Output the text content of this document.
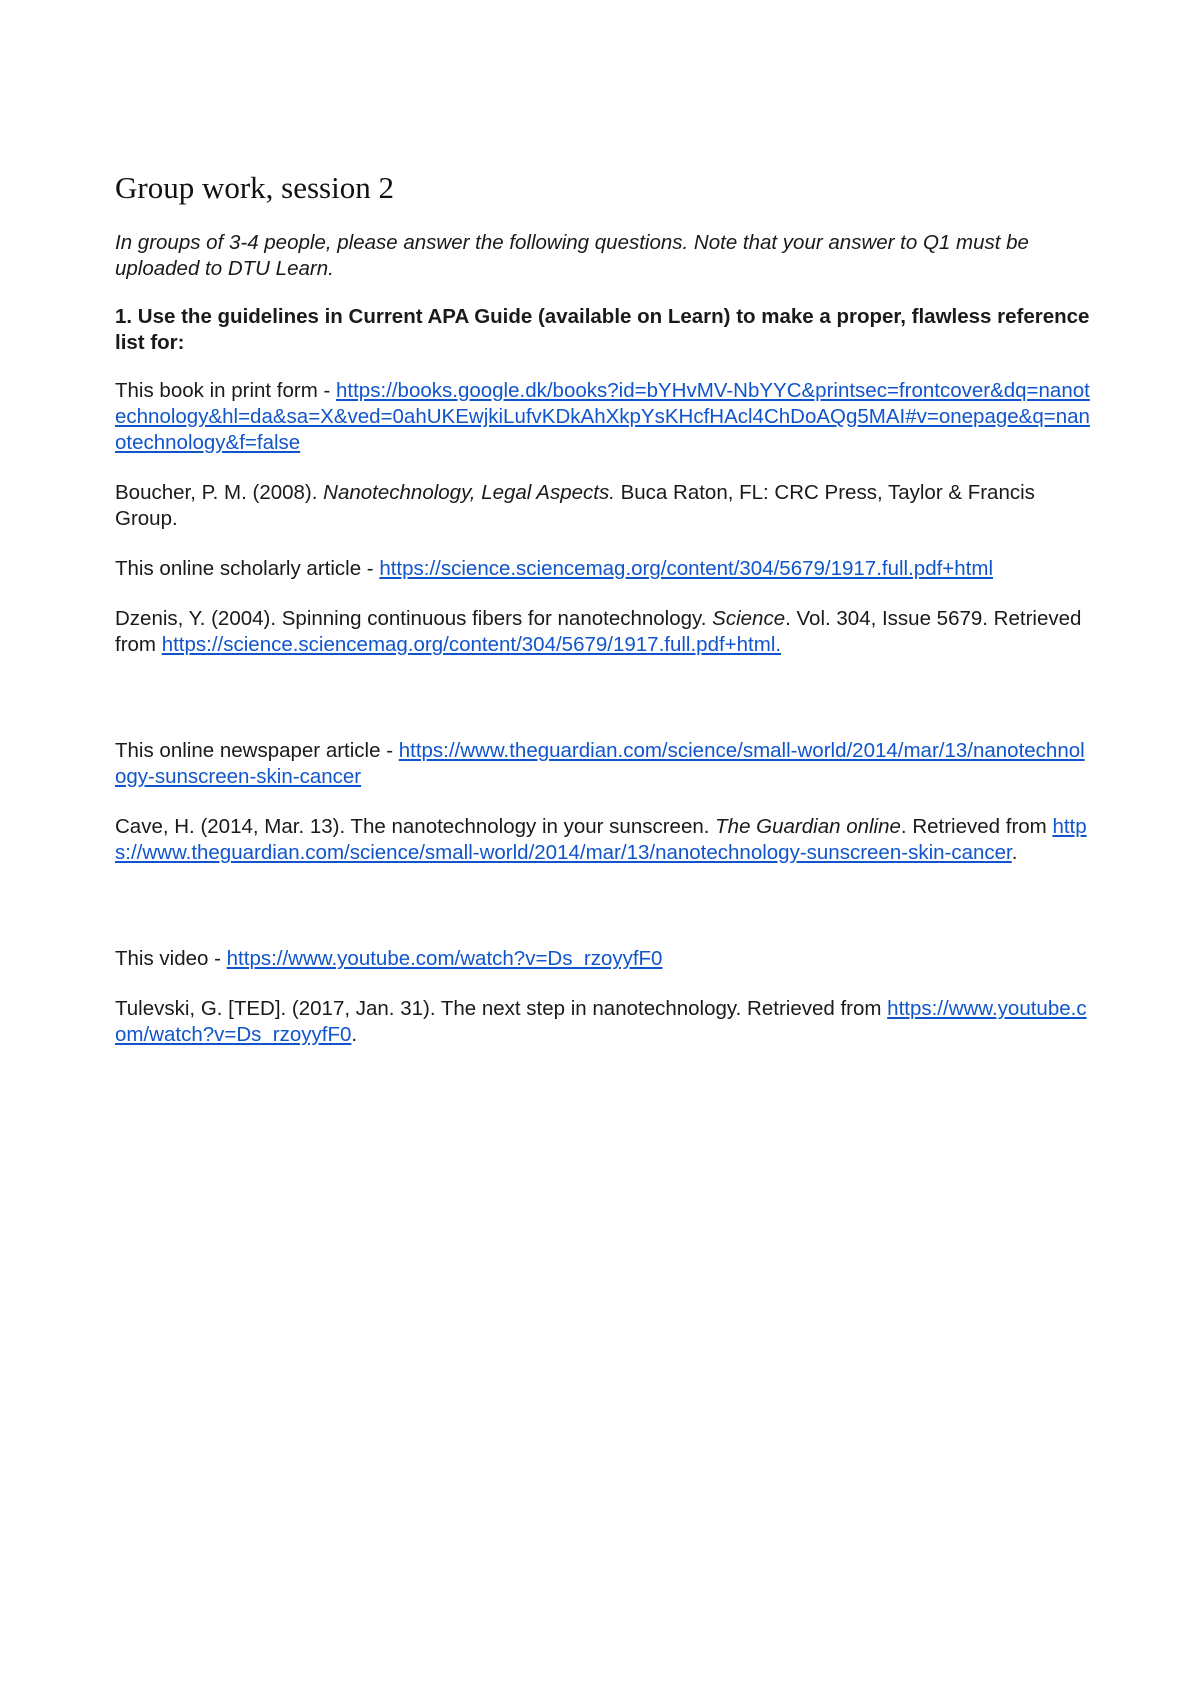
Group work, session 2

In groups of 3-4 people, please answer the following questions. Note that your answer to Q1 must be uploaded to DTU Learn.

1. Use the guidelines in Current APA Guide (available on Learn) to make a proper, flawless reference list for:

This book in print form - https://books.google.dk/books?id=bYHvMV-NbYYC&printsec=frontcover&dq=nanotechnology&hl=da&sa=X&ved=0ahUKEwjkiLufvKDkAhXkpYsKHcfHAcl4ChDoAQg5MAI#v=onepage&q=nanotechnology&f=false

Boucher, P. M. (2008). Nanotechnology, Legal Aspects. Buca Raton, FL: CRC Press, Taylor & Francis Group.

This online scholarly article - https://science.sciencemag.org/content/304/5679/1917.full.pdf+html

Dzenis, Y. (2004). Spinning continuous fibers for nanotechnology. Science. Vol. 304, Issue 5679. Retrieved from https://science.sciencemag.org/content/304/5679/1917.full.pdf+html.

This online newspaper article - https://www.theguardian.com/science/small-world/2014/mar/13/nanotechnology-sunscreen-skin-cancer

Cave, H. (2014, Mar. 13). The nanotechnology in your sunscreen. The Guardian online. Retrieved from https://www.theguardian.com/science/small-world/2014/mar/13/nanotechnology-sunscreen-skin-cancer.

This video - https://www.youtube.com/watch?v=Ds_rzoyyfF0

Tulevski, G. [TED]. (2017, Jan. 31). The next step in nanotechnology. Retrieved from https://www.youtube.com/watch?v=Ds_rzoyyfF0.
